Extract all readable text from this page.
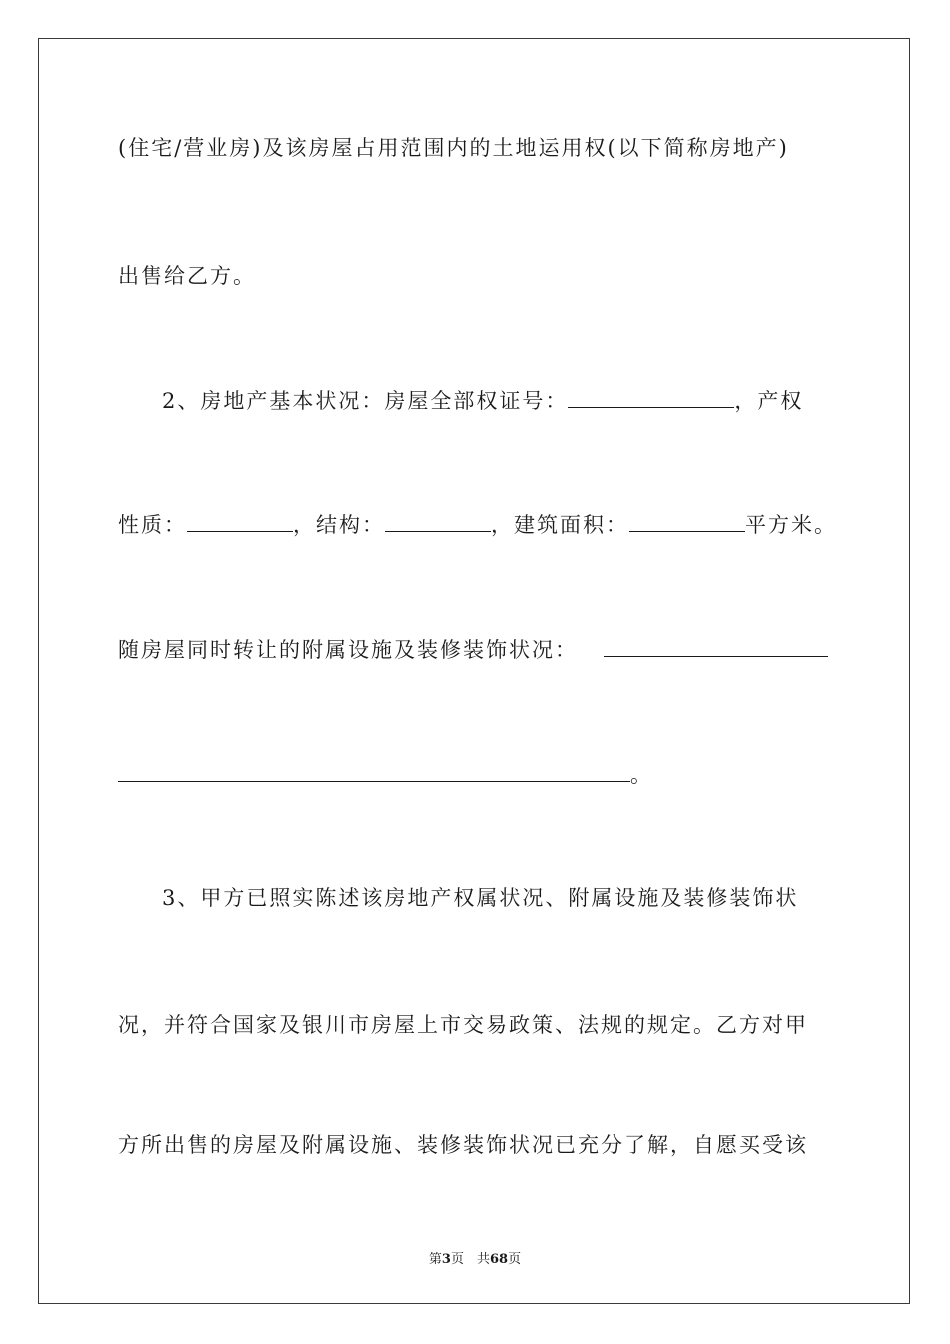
(住宅/营业房)及该房屋占用范围内的土地运用权(以下简称房地产)
出售给乙方。
2、房地产基本状况：房屋全部权证号：	，产权
性质：	，结构：	，建筑面积：	平方米。
随房屋同时转让的附属设施及装修装饰状况：
。
3、甲方已照实陈述该房地产权属状况、附属设施及装修装饰状
况，并符合国家及银川市房屋上市交易政策、法规的规定。乙方对甲
方所出售的房屋及附属设施、装修装饰状况已充分了解，自愿买受该
第3页　共68页
